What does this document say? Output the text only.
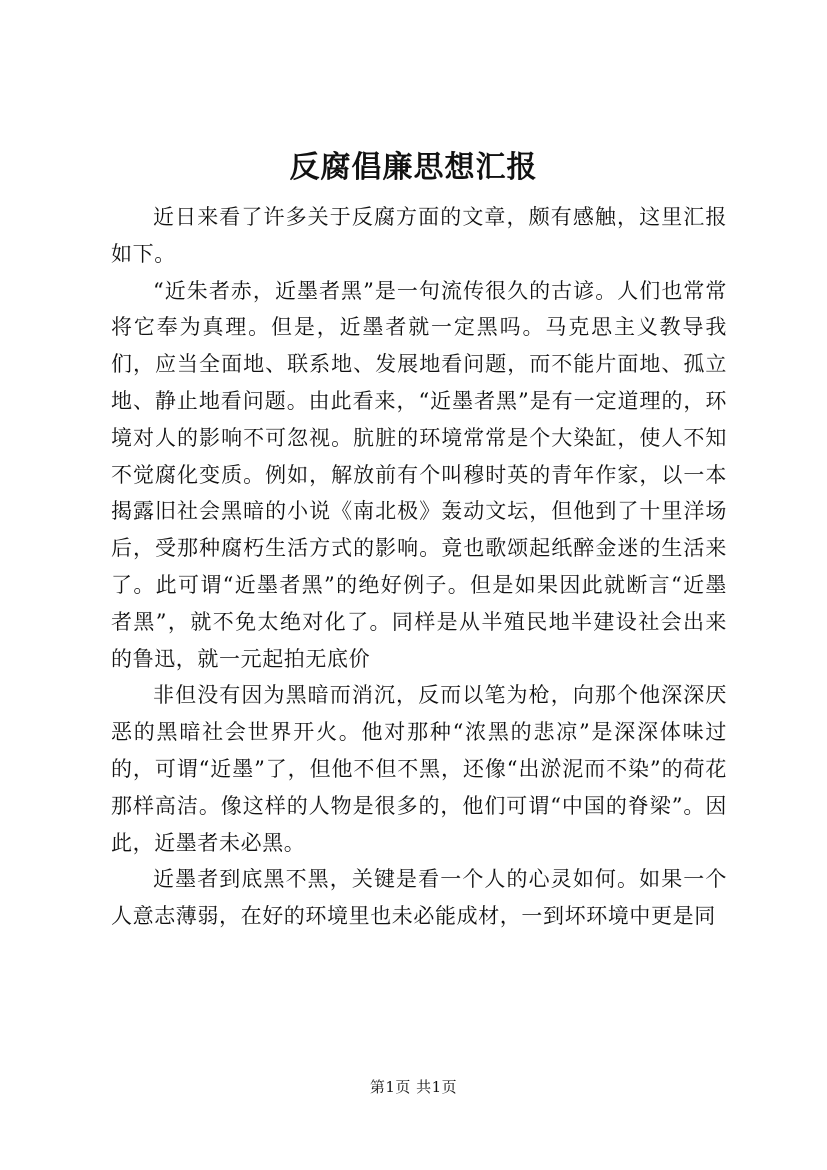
反腐倡廉思想汇报

近日来看了许多关于反腐方面的文章，颇有感触，这里汇报如下。

“近朱者赤，近墨者黑”是一句流传很久的古谚。人们也常常将它奉为真理。但是，近墨者就一定黑吗。马克思主义教导我们，应当全面地、联系地、发展地看问题，而不能片面地、孤立地、静止地看问题。由此看来，“近墨者黑”是有一定道理的，环境对人的影响不可忽视。肮脏的环境常常是个大染缸，使人不知不觉腐化变质。例如，解放前有个叫穆时英的青年作家，以一本揭露旧社会黑暗的小说《南北极》轰动文坛，但他到了十里洋场后，受那种腐朽生活方式的影响。竟也歌颂起纸醉金迷的生活来了。此可谓“近墨者黑”的绝好例子。但是如果因此就断言“近墨者黑”，就不免太绝对化了。同样是从半殖民地半建设社会出来的鲁迅，就一元起拍无底价

非但没有因为黑暗而消沉，反而以笔为枪，向那个他深深厌恶的黑暗社会世界开火。他对那种“浓黑的悲凉”是深深体味过的，可谓“近墨”了，但他不但不黑，还像“出淤泥而不染”的荷花那样高洁。像这样的人物是很多的，他们可谓“中国的脊梁”。因此，近墨者未必黑。

近墨者到底黑不黑，关键是看一个人的心灵如何。如果一个人意志薄弱，在好的环境里也未必能成材，一到坏环境中更是同

第1页 共1页
